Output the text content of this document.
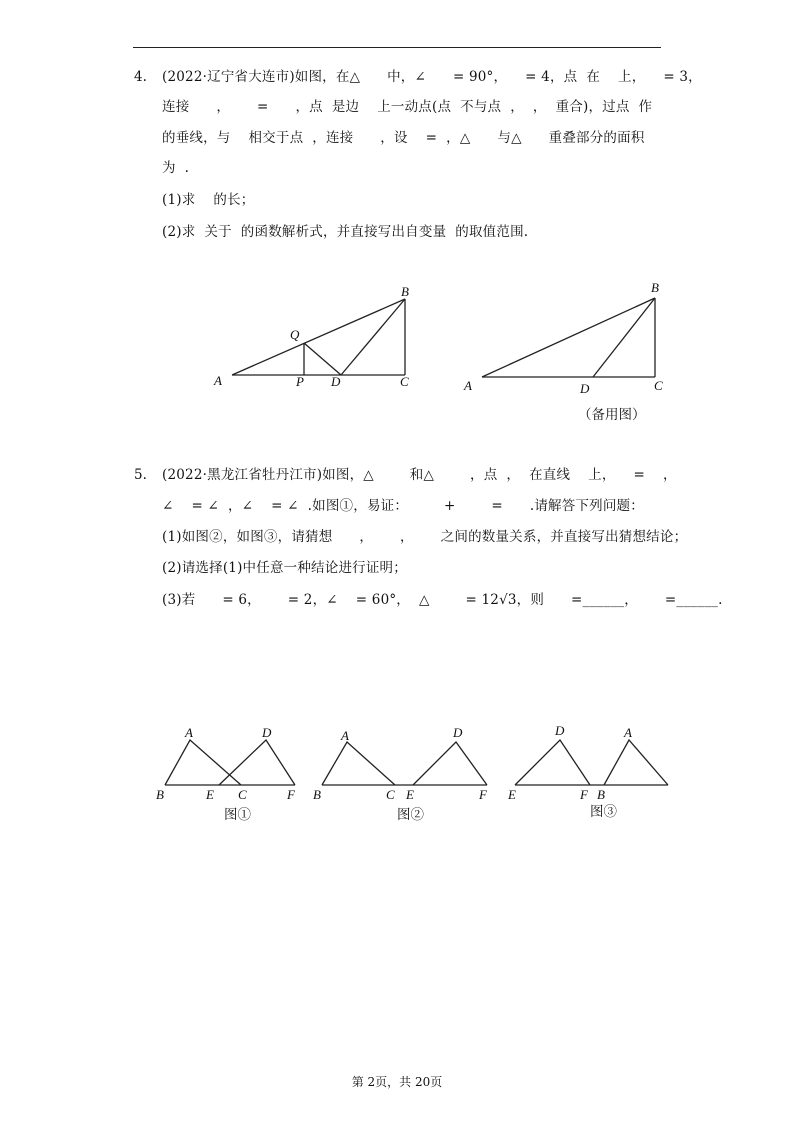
4. (2022·辽宁省大连市)如图，在△      中，∠      = 90°，    = 4，点  在    上，    = 3，
连接      ，      =      ，点  是边    上一动点(点  不与点  ，  ，  重合)，过点  作
的垂线，与    相交于点  ，连接      ，设    =  ，△      与△      重叠部分的面积
为  .
(1)求    的长；
(2)求  关于  的函数解析式，并直接写出自变量  的取值范围.
A
B
C
D
P
Q
A
B
C
D
（备用图）
5. (2022·黑龙江省牡丹江市)如图，△        和△        ，点  ，  在直线    上，    =    ，
∠    = ∠  ，∠    = ∠  .如图①，易证：        +        =      .请解答下列问题：
(1)如图②，如图③，请猜想      ，      ，      之间的数量关系，并直接写出猜想结论；
(2)请选择(1)中任意一种结论进行证明；
(3)若      = 6，      = 2，∠    = 60°，  △        = 12√3，则      =______，      =______.
A
B	C
D
E	F
图①
A
B	C
D
E	F
图②
D	A
E	F B
图③
第 2页，共 20页
